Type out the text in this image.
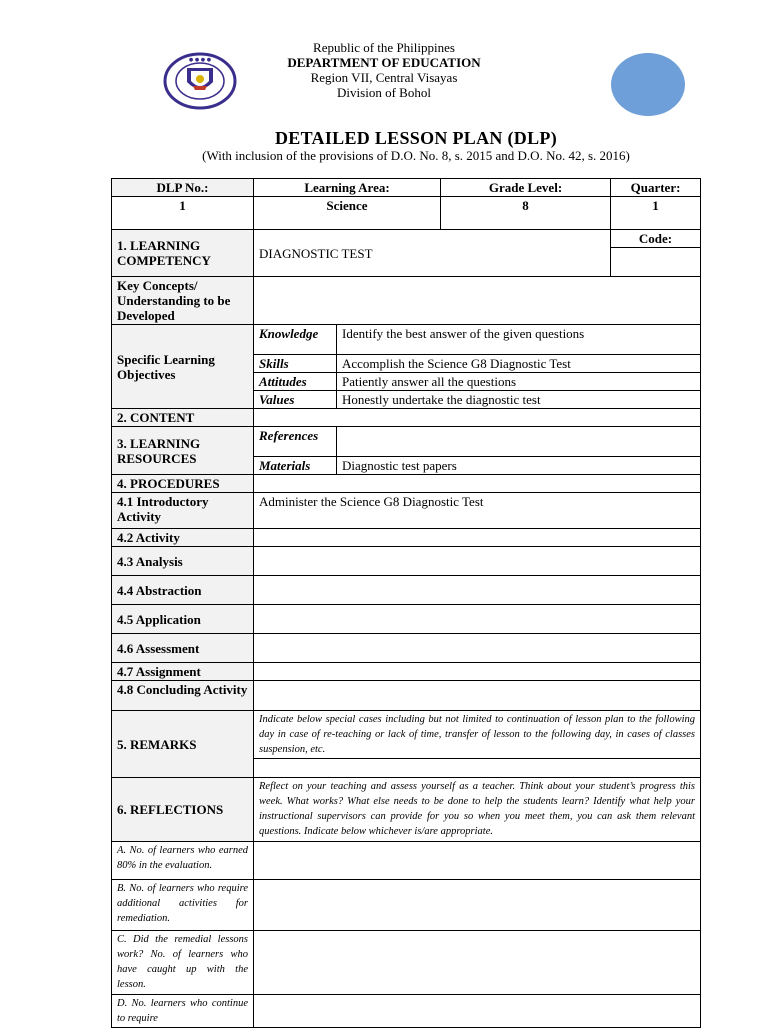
● ● ● ●
Republic of the Philippines
DEPARTMENT OF EDUCATION
Region VII, Central Visayas
Division of Bohol
DETAILED LESSON PLAN (DLP)
(With inclusion of the provisions of D.O. No. 8, s. 2015 and D.O. No. 42, s. 2016)
DLP No.:	Learning Area:		Grade Level:	Quarter:	
1	Science		8	1	
1. LEARNING COMPETENCY	DIAGNOSTIC TEST			Code:	

Key Concepts/ Understanding to be Developed					
Specific Learning Objectives	Knowledge	Identify the best answer of the given questions			
	Skills	Accomplish the Science G8 Diagnostic Test			
	Attitudes	Patiently answer all the questions			
	Values	Honestly undertake the diagnostic test			
2. CONTENT					
3. LEARNING RESOURCES	References				
	Materials	Diagnostic test papers			
4. PROCEDURES					
4.1 Introductory Activity	Administer the Science G8 Diagnostic Test				
4.2 Activity					
4.3 Analysis					
4.4 Abstraction					
4.5 Application					
4.6 Assessment					
4.7 Assignment					
4.8 Concluding Activity					
5. REMARKS	Indicate below special cases including but not limited to continuation of lesson plan to the following day in case of re-teaching or lack of time, transfer of lesson to the following day, in cases of classes suspension, etc.				

6. REFLECTIONS	Reflect on your teaching and assess yourself as a teacher. Think about your student’s progress this week. What works? What else needs to be done to help the students learn? Identify what help your instructional supervisors can provide for you so when you meet them, you can ask them relevant questions. Indicate below whichever is/are appropriate.				
A. No. of learners who earned 80% in the evaluation.					
B. No. of learners who require additional activities for remediation.					
C. Did the remedial lessons work? No. of learners who have caught up with the lesson.					
D. No. learners who continue to require					
